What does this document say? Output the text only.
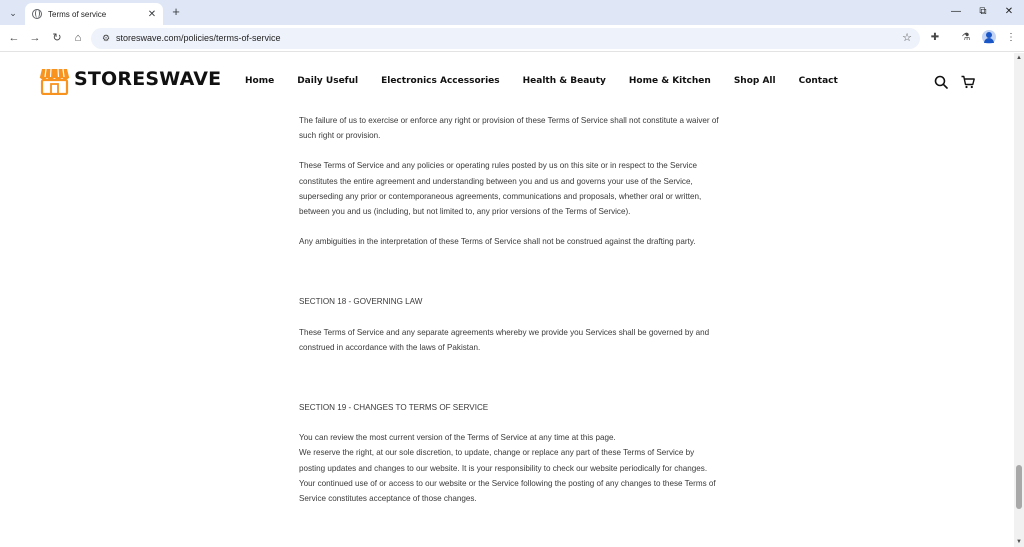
⌄	Terms of service	✕ +	—	⧉	✕
← →	↻	⌂	⚙ storeswave.com/policies/terms-of-service	☆	✚	⚗	⋮
STORESWAVE	Home	Daily Useful	Electronics Accessories	Health & Beauty	Home & Kitchen	Shop All	Contact

The failure of us to exercise or enforce any right or provision of these Terms of Service shall not constitute a waiver of such right or provision.

These Terms of Service and any policies or operating rules posted by us on this site or in respect to the Service constitutes the entire agreement and understanding between you and us and governs your use of the Service, superseding any prior or contemporaneous agreements, communications and proposals, whether oral or written, between you and us (including, but not limited to, any prior versions of the Terms of Service).

Any ambiguities in the interpretation of these Terms of Service shall not be construed against the drafting party.

SECTION 18 - GOVERNING LAW

These Terms of Service and any separate agreements whereby we provide you Services shall be governed by and construed in accordance with the laws of Pakistan.

SECTION 19 - CHANGES TO TERMS OF SERVICE

You can review the most current version of the Terms of Service at any time at this page.

We reserve the right, at our sole discretion, to update, change or replace any part of these Terms of Service by posting updates and changes to our website. It is your responsibility to check our website periodically for changes. Your continued use of or access to our website or the Service following the posting of any changes to these Terms of Service constitutes acceptance of those changes.

▲
▼
